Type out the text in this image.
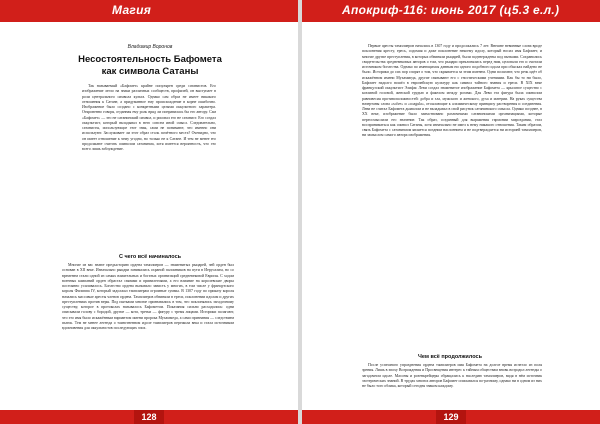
Магия
Владимир Воронов
Несостоятельность Бафомета
как символа Сатаны

Так называемый «Бафомет» крайне популярен среди сатанистов. Его изображение легло на знаки различных сообществ, профилей, он выступает в роли центрального символа культа. Однако сам образ не имеет никакого отношения к Сатане, а придуманное ему происхождение в корне ошибочно. Изображение было создано с конкретными целями оккультного характера. Откровенно говоря, отданная ему роль вряд ли понравилась бы его автору. Сам «Бафомет» — это не сатанинский символ, и рисовал его не сатанист. Его создал оккультист, который вкладывал в него совсем иной смысл. Следовательно, сатанисты, использующие этот знак, сами не понимают, что именно они используют. Заслуживает ли этот образ столь почётного места? Очевидно, что он имеет отношение к чему угодно, но только не к Сатане. И тем не менее его продолжают считать символом сатанизма, хотя имеется вероятность, что это всего лишь заблуждение.

С чего всё начиналось

Многие из вас знают предысторию ордена тамплиеров — знаменитых рыцарей, чей орден был основан в XII веке. Изначально рыцари занимались охраной паломников на пути в Иерусалим, но со временем стали одной из самых влиятельных и богатых организаций средневековой Европы. С ходом военных кампаний орден обрастал связями и привилегиями, а его влияние на королевские дворы постоянно усиливалось. Богатство ордена вызывало зависть у многих, в том числе у французского короля Филиппа IV, который задолжал тамплиерам огромные суммы. В 1307 году по приказу короля начались массовые аресты членов ордена. Тамплиеров обвиняли в ереси, поклонении идолам и других преступлениях против веры. Под пытками многие признавались в том, что поклонялись загадочному существу, которое в протоколах называлось Бафометом. Показания сильно расходились: одни описывали голову с бородой, другие — кота, третьи — фигуру с тремя лицами. Историки полагают, что это имя было искажённым вариантом имени пророка Мухаммеда, а сами признания — следствием пыток. Тем не менее легенда о таинственном идоле тамплиеров пережила века и стала источником вдохновения для оккультистов последующих эпох.

128
Апокриф-116: июнь 2017 (ц5.3 е.л.)

Первые аресты тамплиеров начались в 1307 году и продолжались 7 лет. Внешне невинные слова вроде поклонения кресту, ересь, содомия и даже поклонение некоему идолу, который носил имя Бафомет, и многие другие преступления, в которых обвиняли рыцарей, были подтверждены под пытками. Сохранились свидетельства средневековых авторов о том, что рыцари преклонялись перед ним, целовали его и считали источником богатства. Однако по имеющимся данным ни одного подобного идола при обысках найдено не было. Историки до сих пор спорят о том, что скрывается за этим именем. Одни полагают, что речь идёт об искажённом имени Мухаммеда, другие связывают его с гностическими учениями. Как бы то ни было, Бафомет надолго вошёл в европейскую культуру как символ тайного знания и ереси. В XIX веке французский оккультист Элифас Леви создал знаменитое изображение Бафомета — крылатое существо с козлиной головой, женской грудью и факелом между рогами. Для Леви эта фигура была символом равновесия противоположностей: добра и зла, мужского и женского, духа и материи. На руках существа начертаны слова «solve» и «coagula», отсылающие к алхимическому принципу растворения и соединения. Леви не считал Бафомета дьяволом и не вкладывал в свой рисунок сатанинского смысла. Однако позднее, в XX веке, изображение было заимствовано различными сатанинскими организациями, которые переосмыслили его значение. Так образ, созданный для выражения гармонии мироздания, стал восприниматься как символ Сатаны, хотя изначально не имел к нему никакого отношения. Таким образом, связь Бафомета с сатанизмом является поздним наслоением и не подтверждается ни историей тамплиеров, ни замыслом самого автора изображения.

Чем всё продолжилось

После успешного упразднения ордена тамплиеров имя Бафомета на долгое время исчезло из поля зрения. Лишь в эпоху Возрождения и Просвещения интерес к тайным обществам вновь возродил легенды о загадочном идоле. Масоны и розенкрейцеры обращались к наследию тамплиеров, видя в нём источник эзотерических знаний. В трудах многих авторов Бафомет описывался по-разному, однако ни в одном из них не было того облика, который сегодня знаком каждому.

129
